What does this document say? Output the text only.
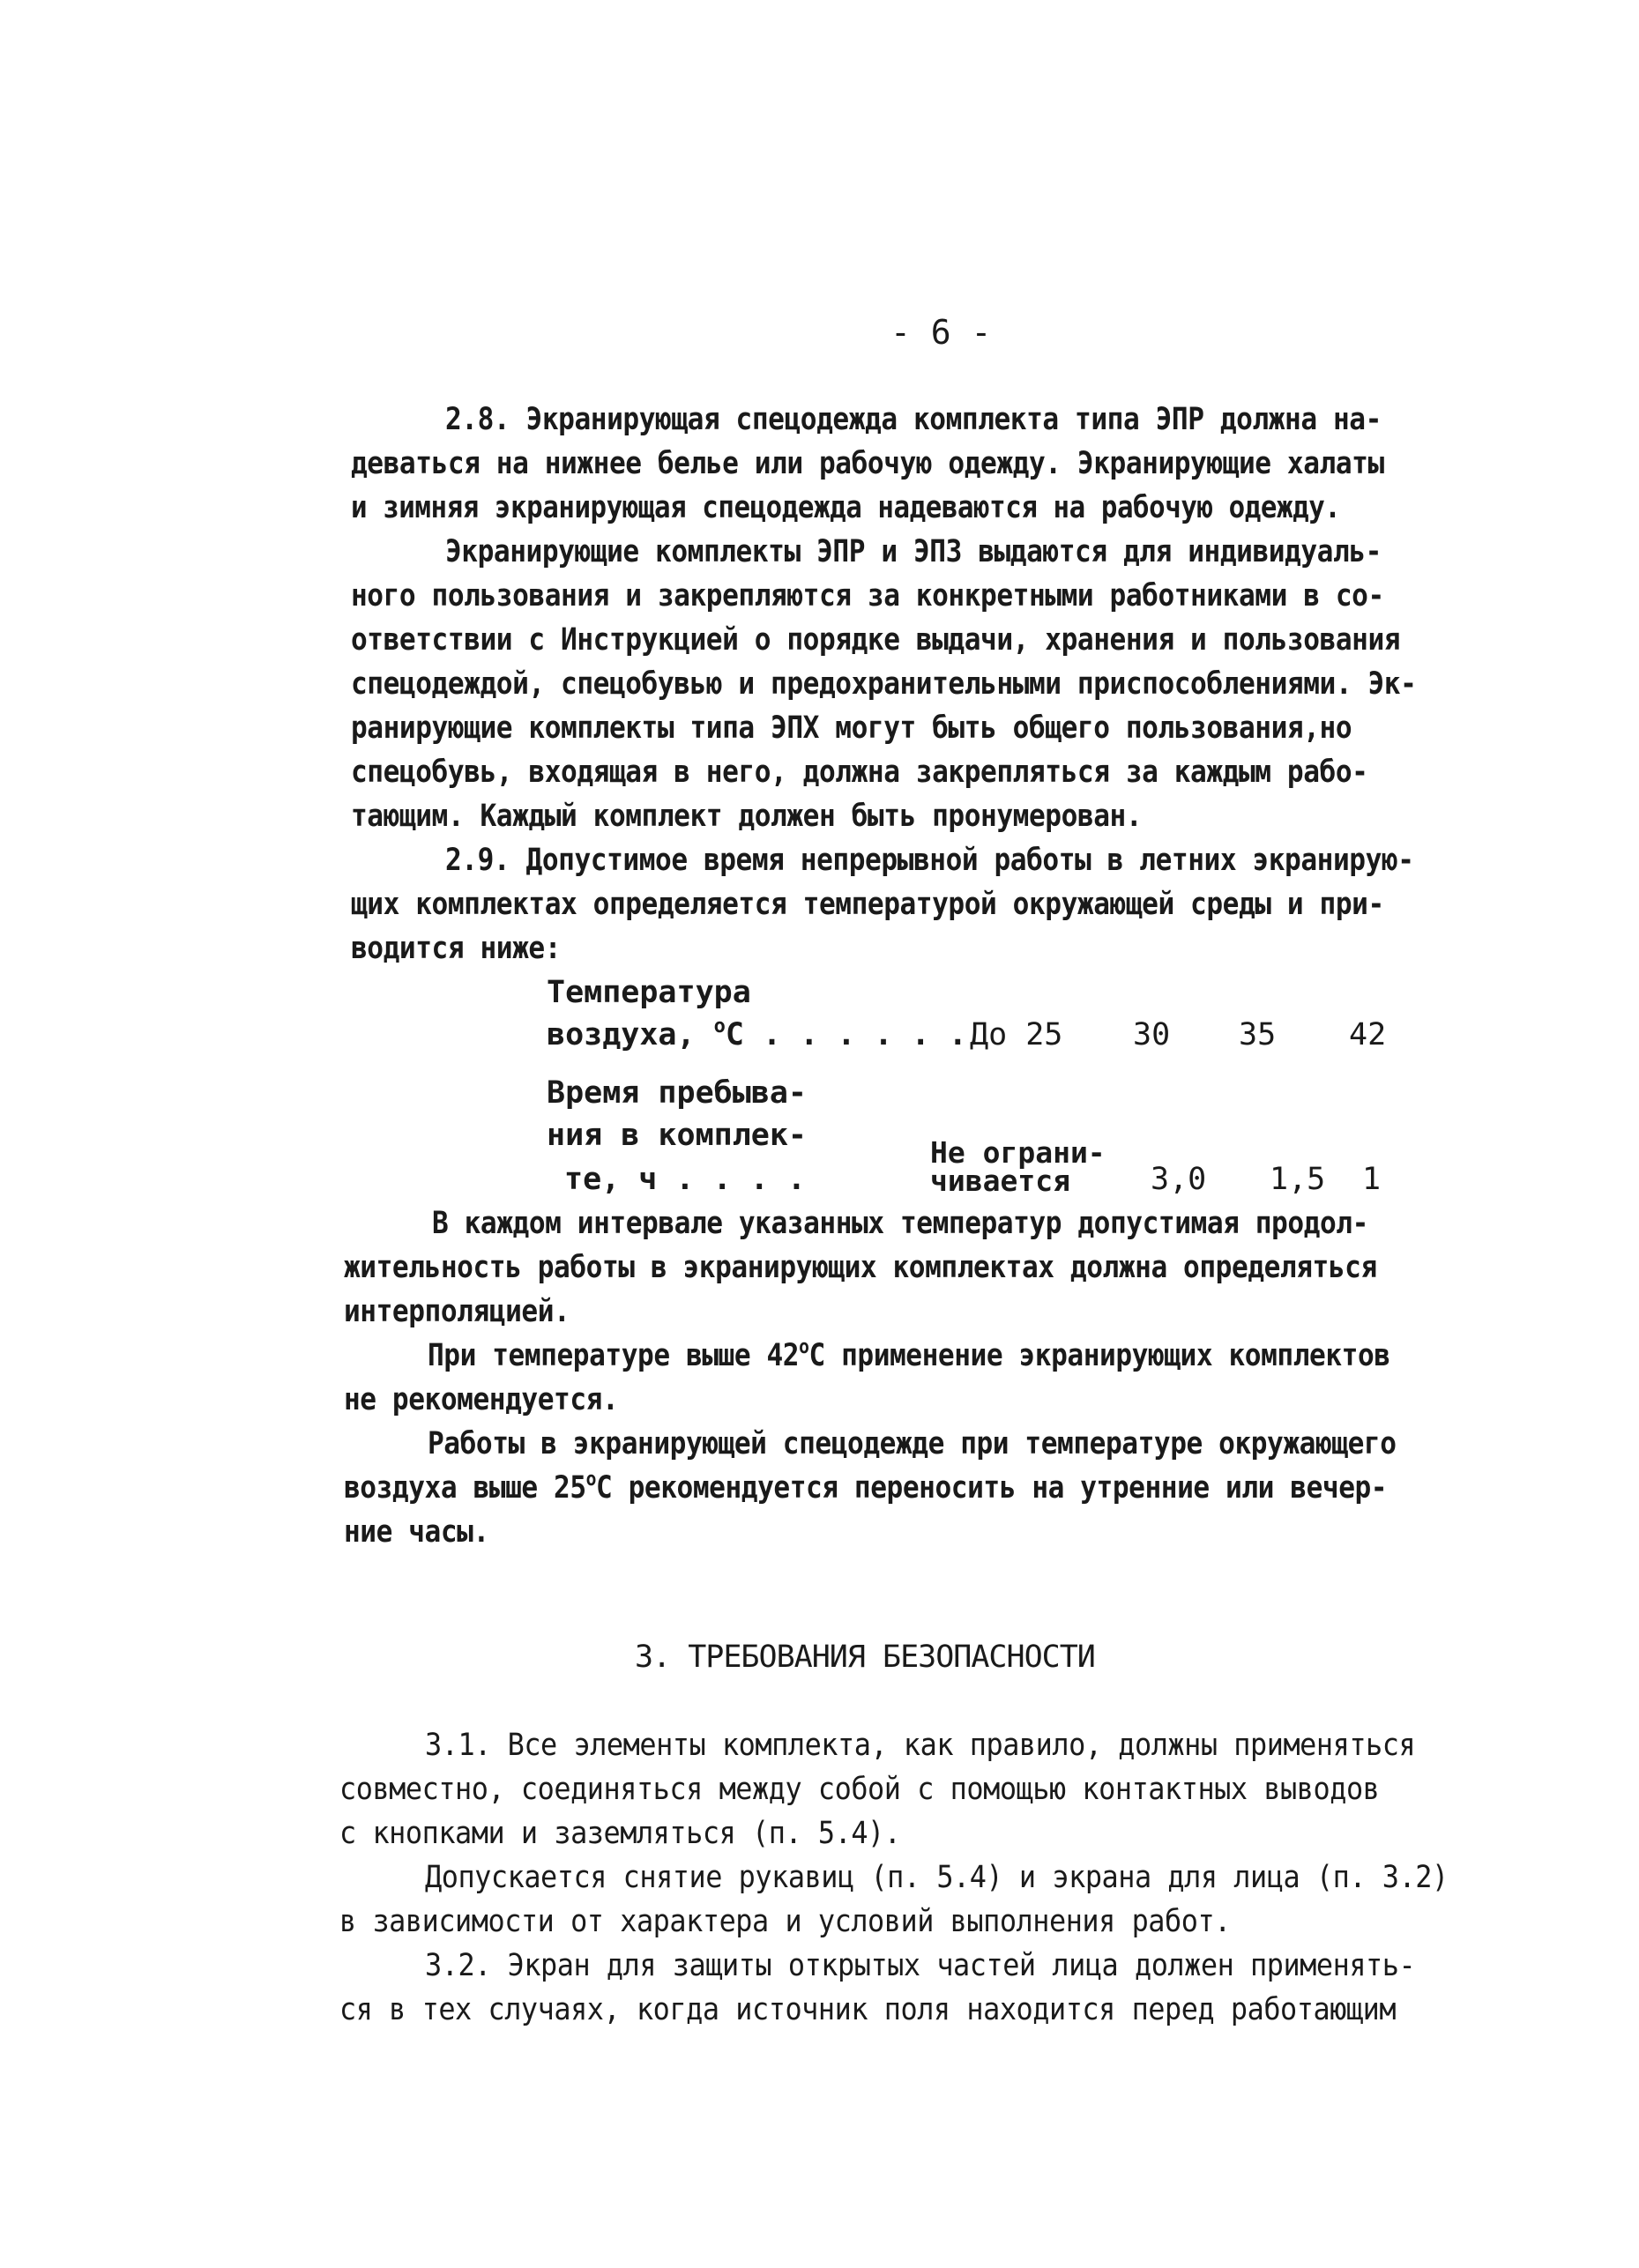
- 6 -
2.8. Экранирующая спецодежда комплекта типа ЭПР должна на-
деваться на нижнее белье или рабочую одежду. Экранирующие халаты
и зимняя экранирующая спецодежда надеваются на рабочую одежду.
Экранирующие комплекты ЭПР и ЭПЗ выдаются для индивидуаль-
ного пользования и закрепляются за конкретными работниками в со-
ответствии с Инструкцией о порядке выдачи, хранения и пользования
спецодеждой, спецобувью и предохранительными приспособлениями. Эк-
ранирующие комплекты типа ЭПХ могут быть общего пользования,но
спецобувь, входящая в него, должна закрепляться за каждым рабо-
тающим. Каждый комплект должен быть пронумерован.
2.9. Допустимое время непрерывной работы в летних экранирую-
щих комплектах определяется температурой окружающей среды и при-
водится ниже:
Температура
воздуха, $^о$С . . . . . . До 25 30 35 42
Время пребыва-
ния в комплек-
те, ч . . . .
Не ограни-
чивается	3,0 1,5 1
В каждом интервале указанных температур допустимая продол-
жительность работы в экранирующих комплектах должна определяться
интерполяцией.
При температуре выше $42^оС$ применение экранирующих комплектов
не рекомендуется.
Работы в экранирующей спецодежде при температуре окружающего
воздуха выше $25^оС$ рекомендуется переносить на утренние или вечер-
ние часы.
3. ТРЕБОВАНИЯ БЕЗОПАСНОСТИ
3.1. Все элементы комплекта, как правило, должны применяться
совместно, соединяться между собой с помощью контактных выводов
с кнопками и заземляться (п. 5.4).
Допускается снятие рукавиц (п. 5.4) и экрана для лица (п. 3.2)
в зависимости от характера и условий выполнения работ.
3.2. Экран для защиты открытых частей лица должен применять-
ся в тех случаях, когда источник поля находится перед работающим
